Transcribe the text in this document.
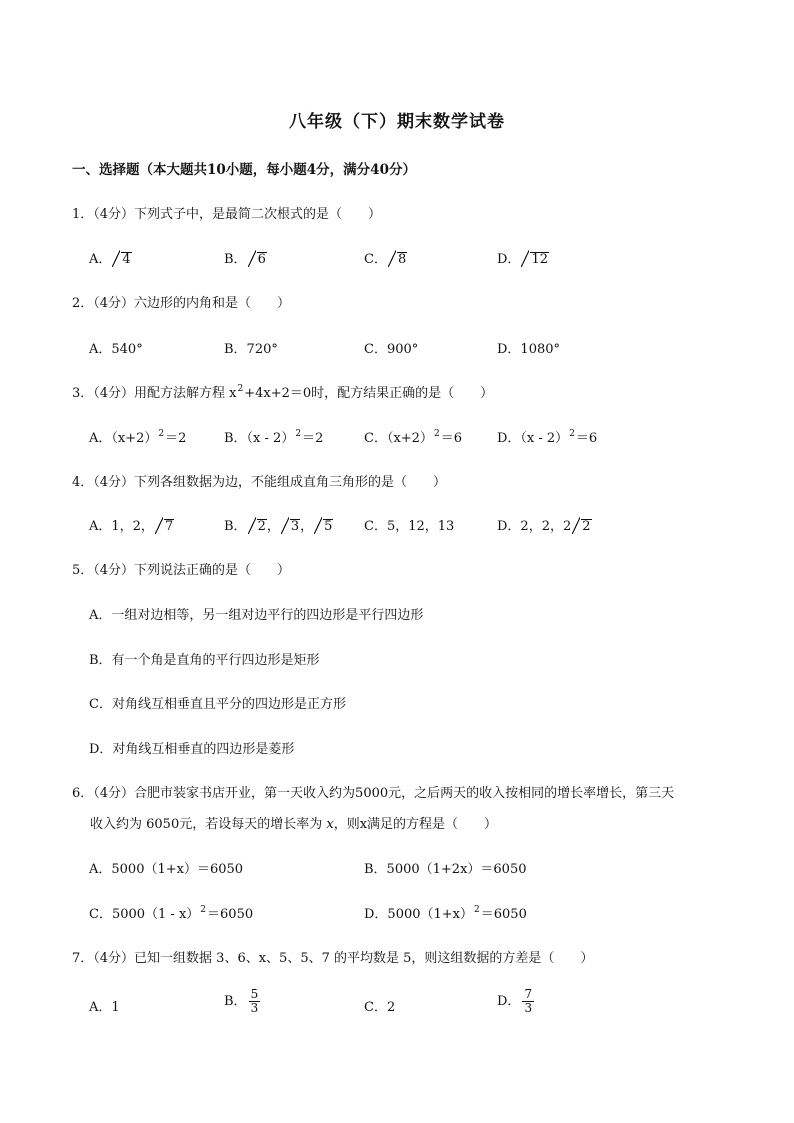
八年级（下）期末数学试卷
一、选择题（本大题共10小题，每小题4分，满分40分）
1．（4分）下列式子中，是最简二次根式的是（　　）
A． 4	B． 6	C． 8	D． 12
2．（4分）六边形的内角和是（　　）
A．540°	B．720°	C．900°	D．1080°
3．（4分）用配方法解方程 $x^2+4x+2=0$时，配方结果正确的是（　　）
A．$(x+2)^2=2$	B．（x - 2）$^2$＝2	C．$(x+2)^2=6$	D．（x - 2）$^2$＝6
4．（4分）下列各组数据为边，不能组成直角三角形的是（　　）
A．1，2， 7	B． 2， 3， 5 C．5，12，13	D．2，2，2 2
5．（4分）下列说法正确的是（　　）
A．一组对边相等，另一组对边平行的四边形是平行四边形
B．有一个角是直角的平行四边形是矩形
C．对角线互相垂直且平分的四边形是正方形
D．对角线互相垂直的四边形是菱形
6．（4分）合肥市装家书店开业，第一天收入约为5000元，之后两天的收入按相同的增长率增长，第三天
收入约为 6050元，若设每天的增长率为 x，则x满足的方程是（　　）
A．5000（1+x）＝6050	B．5000（1+2x）＝6050
C．5000（1 - x）$^2$＝6050	D．$5000(1+x)^2=6050$
7．（4分）已知一组数据 3、6、x、5、5、7 的平均数是 5，则这组数据的方差是（　　）
A．1	B． $\frac{5}{3}$	C．2	D． $\frac{7}{3}$
